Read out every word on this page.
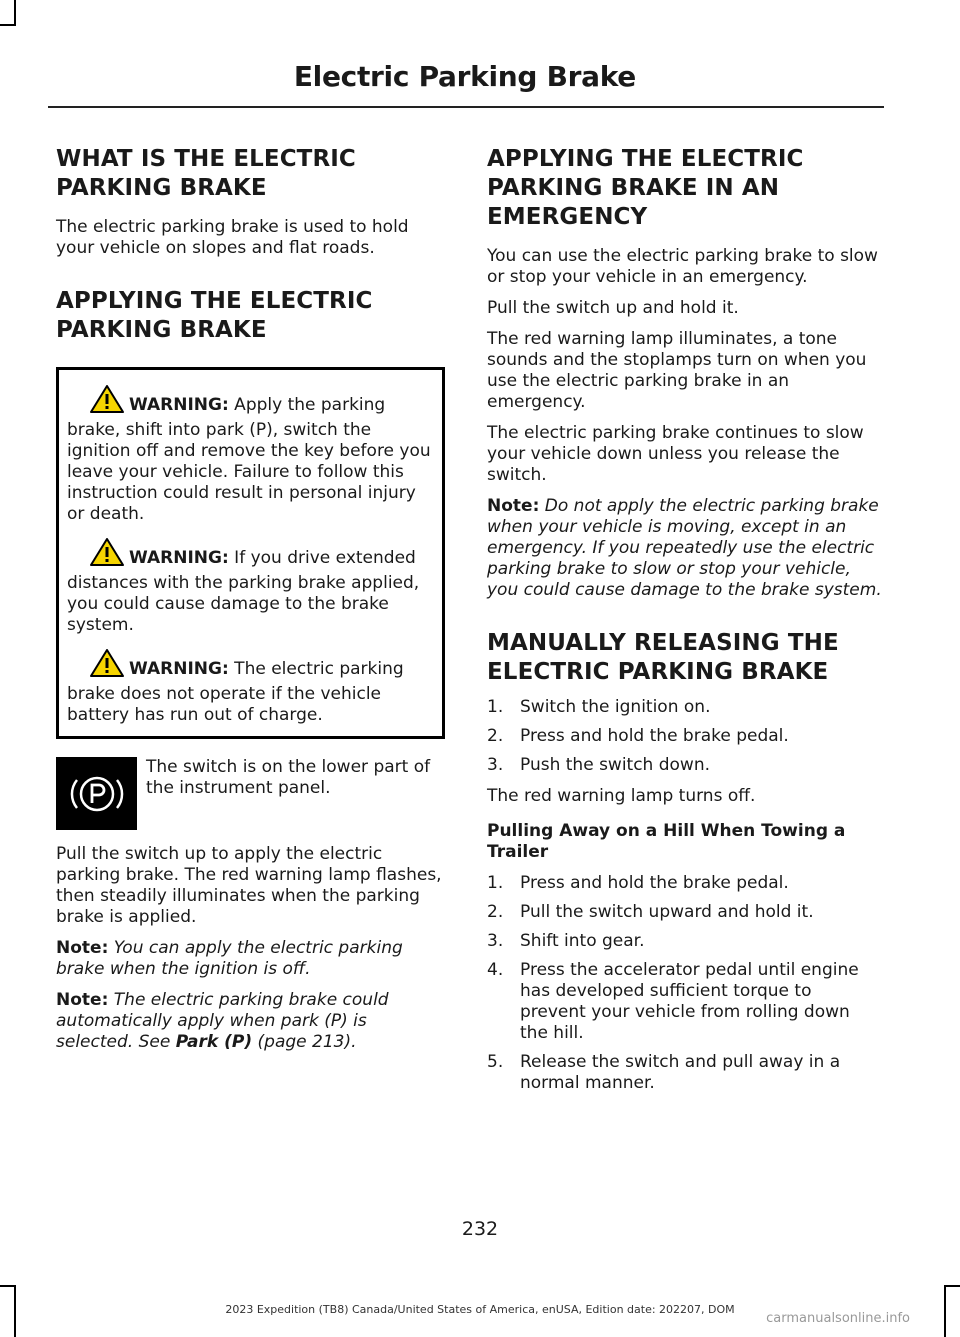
Electric Parking Brake
WHAT IS THE ELECTRIC PARKING BRAKE

The electric parking brake is used to hold your vehicle on slopes and flat roads.

APPLYING THE ELECTRIC PARKING BRAKE
WARNING: Apply the parking brake, shift into park (P), switch the ignition off and remove the key before you leave your vehicle. Failure to follow this instruction could result in personal injury or death.
WARNING: If you drive extended distances with the parking brake applied, you could cause damage to the brake system.
WARNING: The electric parking brake does not operate if the vehicle battery has run out of charge.
The switch is on the lower part of the instrument panel.

Pull the switch up to apply the electric parking brake. The red warning lamp flashes, then steadily illuminates when the parking brake is applied.

Note: You can apply the electric parking brake when the ignition is off.

Note: The electric parking brake could automatically apply when park (P) is selected. See Park (P) (page 213).

APPLYING THE ELECTRIC PARKING BRAKE IN AN EMERGENCY

You can use the electric parking brake to slow or stop your vehicle in an emergency.

Pull the switch up and hold it.

The red warning lamp illuminates, a tone sounds and the stoplamps turn on when you use the electric parking brake in an emergency.

The electric parking brake continues to slow your vehicle down unless you release the switch.

Note: Do not apply the electric parking brake when your vehicle is moving, except in an emergency. If you repeatedly use the electric parking brake to slow or stop your vehicle, you could cause damage to the brake system.

MANUALLY RELEASING THE ELECTRIC PARKING BRAKE
1. Switch the ignition on.
2. Press and hold the brake pedal.
3. Push the switch down.

The red warning lamp turns off.

Pulling Away on a Hill When Towing a Trailer
1. Press and hold the brake pedal.
2. Pull the switch upward and hold it.
3. Shift into gear.
4. Press the accelerator pedal until engine has developed sufficient torque to prevent your vehicle from rolling down the hill.
5. Release the switch and pull away in a normal manner.
232
2023 Expedition (TB8) Canada/United States of America, enUSA, Edition date: 202207, DOM
carmanualsonline.info
